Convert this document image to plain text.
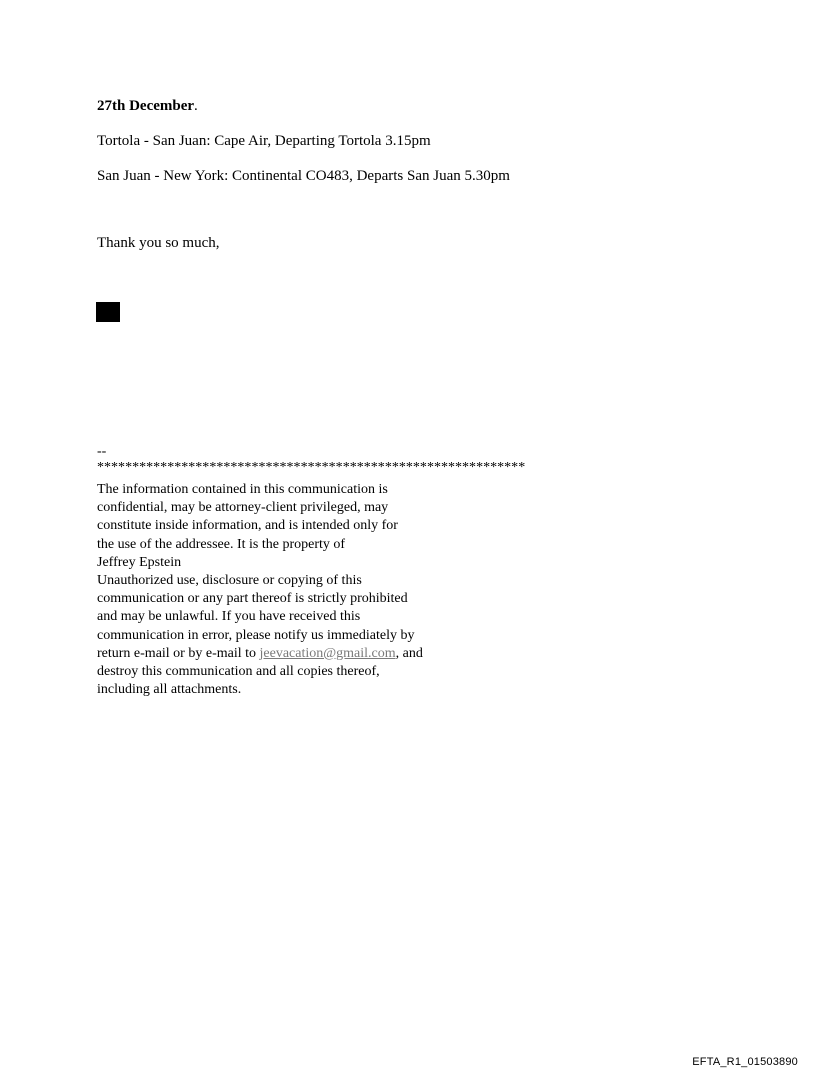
27th December.
Tortola - San Juan: Cape Air, Departing Tortola 3.15pm
San Juan - New York: Continental CO483, Departs San Juan 5.30pm
Thank you so much,
--
*************************************************************
The information contained in this communication is
confidential, may be attorney-client privileged, may
constitute inside information, and is intended only for
the use of the addressee. It is the property of
Jeffrey Epstein
Unauthorized use, disclosure or copying of this
communication or any part thereof is strictly prohibited
and may be unlawful. If you have received this
communication in error, please notify us immediately by
return e-mail or by e-mail to jeevacation@gmail.com, and
destroy this communication and all copies thereof,
including all attachments.
EFTA_R1_01503890
